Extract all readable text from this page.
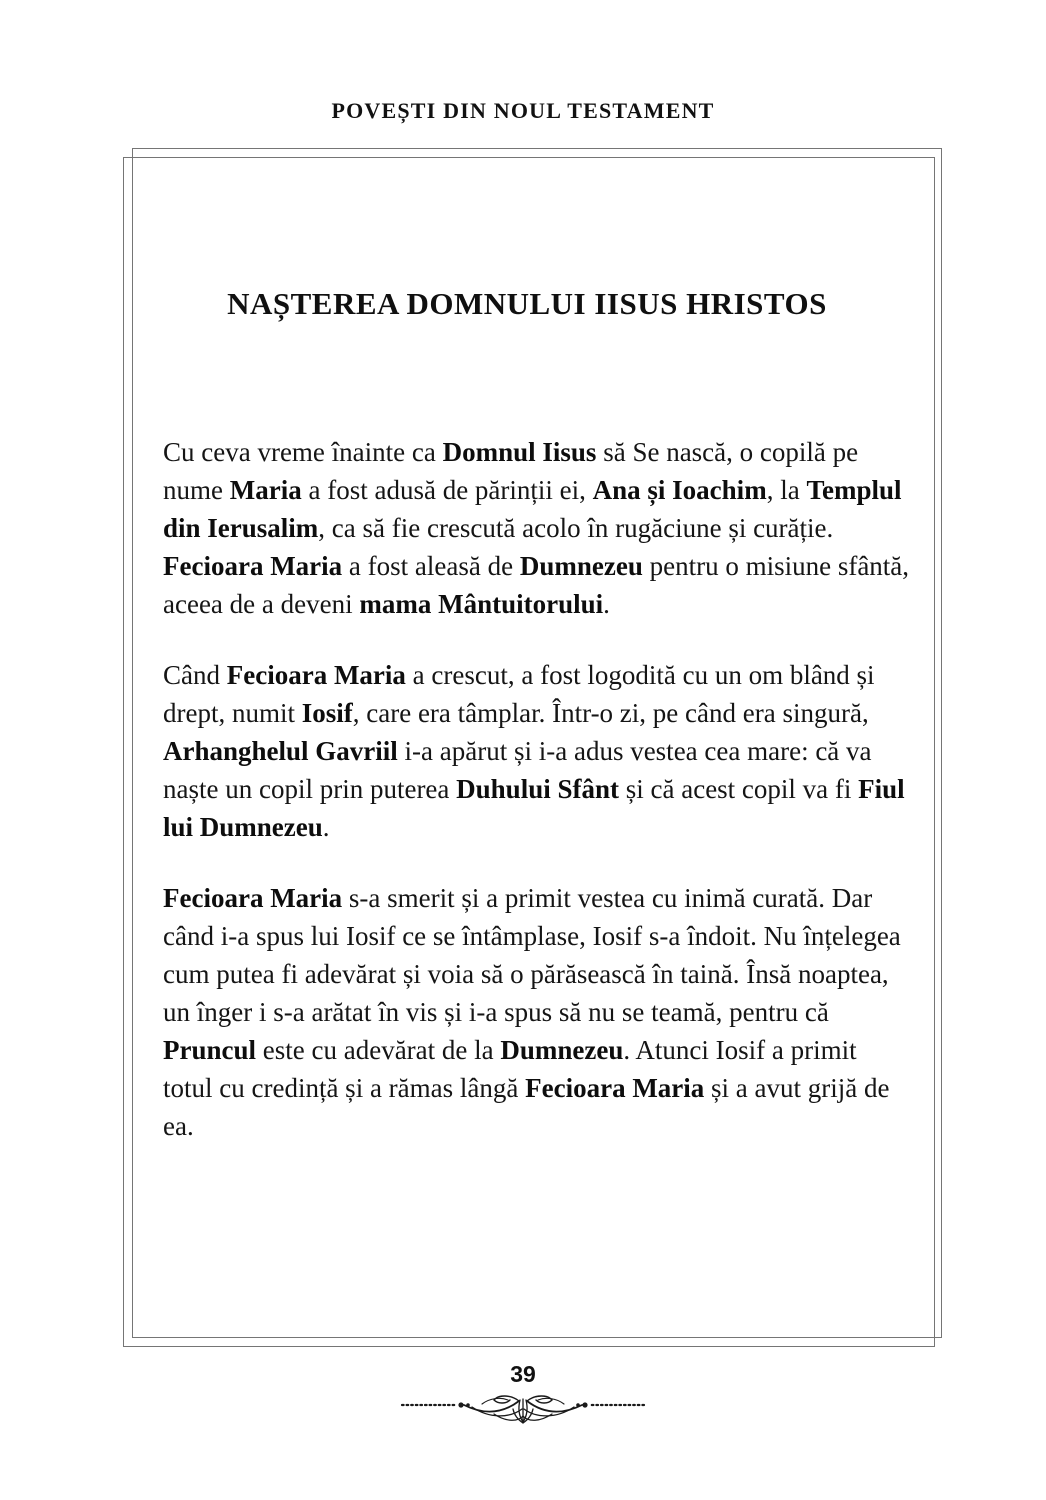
POVEȘTI DIN NOUL TESTAMENT
NAȘTEREA DOMNULUI IISUS HRISTOS

Cu ceva vreme înainte ca Domnul Iisus să Se nască, o copilă pe nume Maria a fost adusă de părinții ei, Ana și Ioachim, la Templul din Ierusalim, ca să fie crescută acolo în rugăciune și curăție. Fecioara Maria a fost aleasă de Dumnezeu pentru o misiune sfântă, aceea de a deveni mama Mântuitorului.

Când Fecioara Maria a crescut, a fost logodită cu un om blând și drept, numit Iosif, care era tâmplar. Într-o zi, pe când era singură, Arhanghelul Gavriil i-a apărut și i-a adus vestea cea mare: că va naște un copil prin puterea Duhului Sfânt și că acest copil va fi Fiul lui Dumnezeu.

Fecioara Maria s-a smerit și a primit vestea cu inimă curată. Dar când i-a spus lui Iosif ce se întâmplase, Iosif s-a îndoit. Nu înțelegea cum putea fi adevărat și voia să o părăsească în taină. Însă noaptea, un înger i s-a arătat în vis și i-a spus să nu se teamă, pentru că Pruncul este cu adevărat de la Dumnezeu. Atunci Iosif a primit totul cu credință și a rămas lângă Fecioara Maria și a avut grijă de ea.

39
